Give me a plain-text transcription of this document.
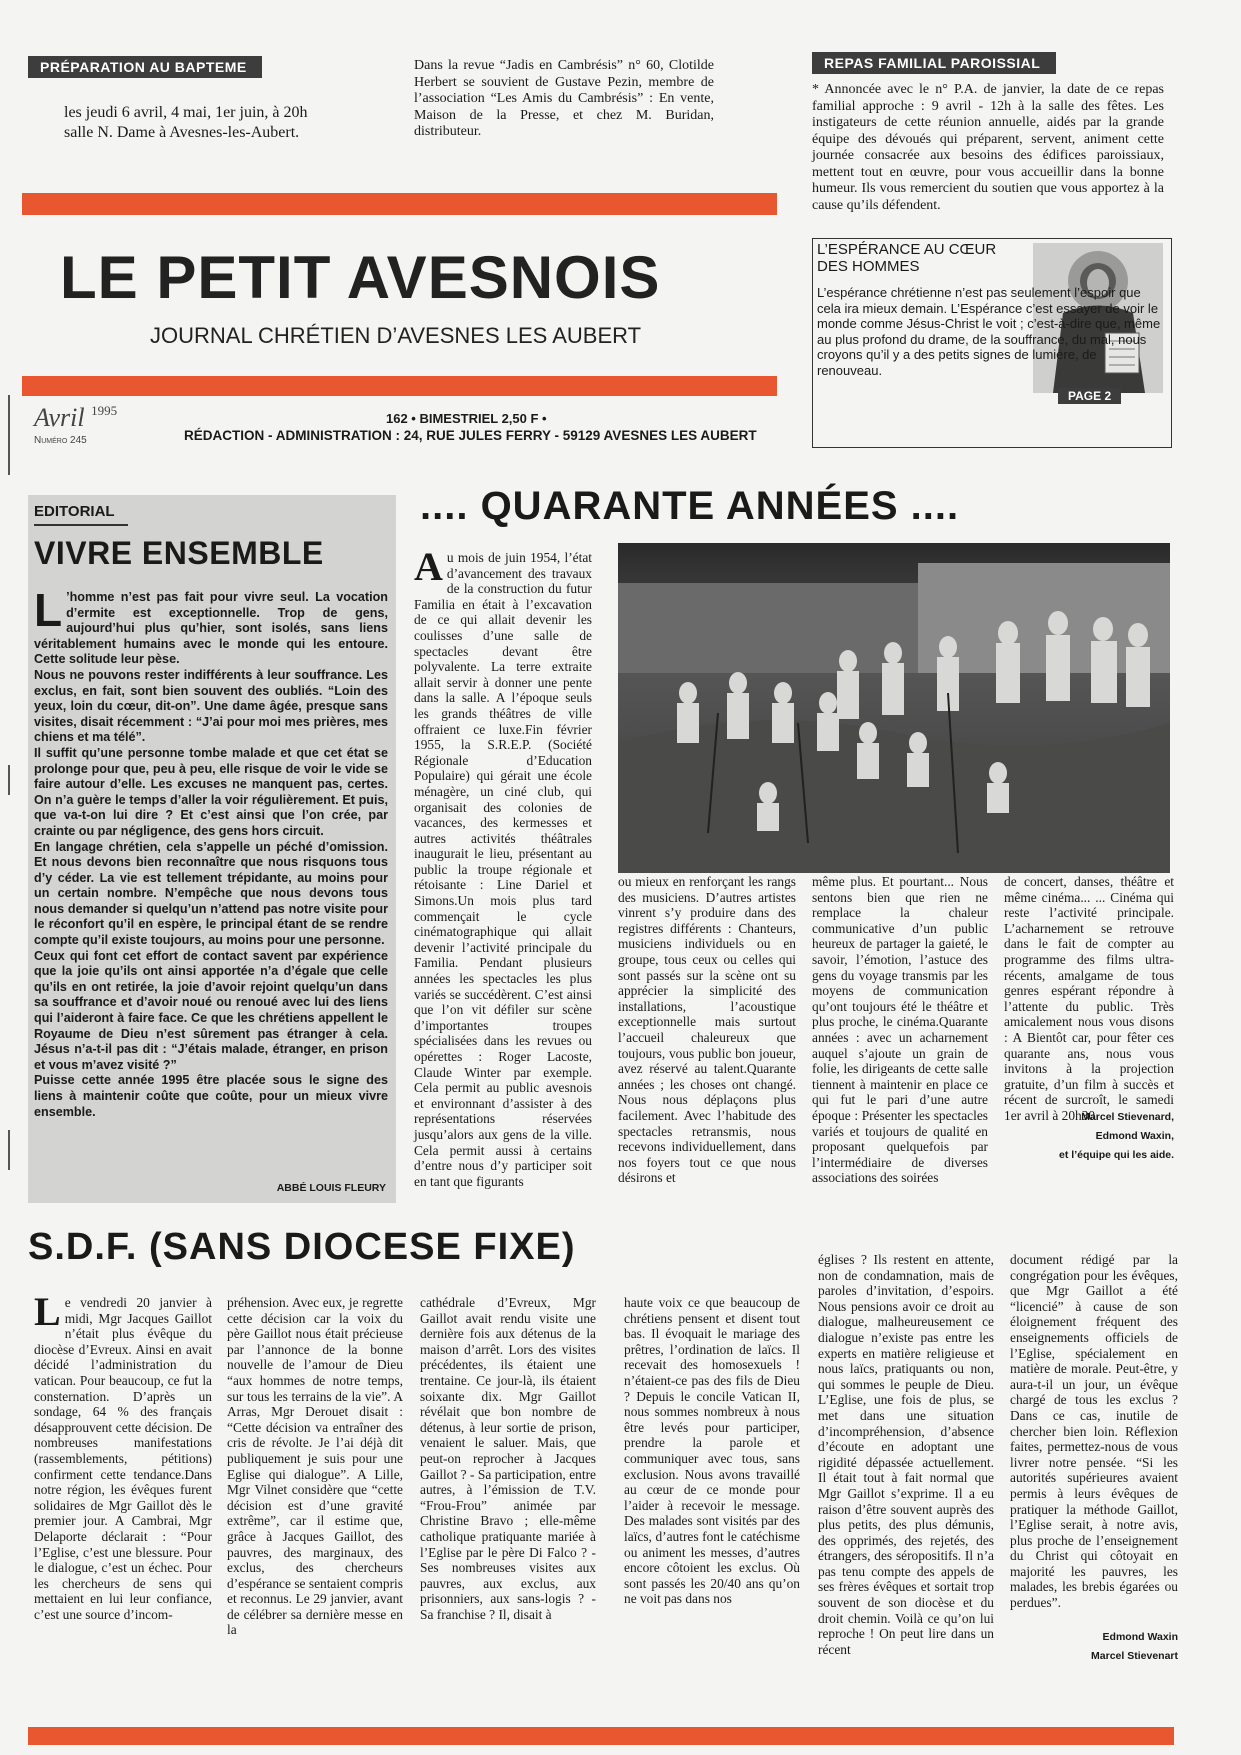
PRÉPARATION AU BAPTEME
les jeudi 6 avril, 4 mai, 1er juin, à 20h
salle N. Dame à Avesnes-les-Aubert.
Dans la revue “Jadis en Cambrésis” n° 60, Clotilde Herbert se souvient de Gustave Pezin, membre de l’association “Les Amis du Cambrésis” : En vente, Maison de la Presse, et chez M. Buridan, distributeur.
REPAS FAMILIAL PAROISSIAL
* Annoncée avec le n° P.A. de janvier, la date de ce repas familial approche : 9 avril - 12h à la salle des fêtes. Les instigateurs de cette réunion annuelle, aidés par la grande équipe des dévoués qui préparent, servent, animent cette journée consacrée aux besoins des édifices paroissiaux, mettent tout en œuvre, pour vous accueillir dans la bonne humeur. Ils vous remercient du soutien que vous apportez à la cause qu’ils défendent.
LE PETIT AVESNOIS
JOURNAL CHRÉTIEN D’AVESNES LES AUBERT
Avril $^{1995}$
Numéro 245
162 • BIMESTRIEL 2,50 F •
RÉDACTION - ADMINISTRATION : 24, RUE JULES FERRY - 59129 AVESNES LES AUBERT
L’ESPÉRANCE AU CŒUR
DES HOMMES
PAGE 2
L’espérance chrétienne n’est pas seulement l’espoir que cela ira mieux demain. L’Espérance c’est essayer de voir le monde comme Jésus-Christ le voit ; c’est-à-dire que, même au plus profond du drame, de la souffrance, du mal, nous croyons qu’il y a des petits signes de lumière, de renouveau.
EDITORIAL
VIVRE ENSEMBLE
L ’homme n’est pas fait pour vivre seul. La vocation d’ermite est exceptionnelle. Trop de gens, aujourd’hui plus qu’hier, sont isolés, sans liens véritablement humains avec le monde qui les entoure. Cette solitude leur pèse.

Nous ne pouvons rester indifférents à leur souffrance. Les exclus, en fait, sont bien souvent des oubliés. “Loin des yeux, loin du cœur, dit-on”. Une dame âgée, presque sans visites, disait récemment : “J’ai pour moi mes prières, mes chiens et ma télé”.

Il suffit qu’une personne tombe malade et que cet état se prolonge pour que, peu à peu, elle risque de voir le vide se faire autour d’elle. Les excuses ne manquent pas, certes. On n’a guère le temps d’aller la voir régulièrement. Et puis, que va-t-on lui dire ? Et c’est ainsi que l’on crée, par crainte ou par négligence, des gens hors circuit.

En langage chrétien, cela s’appelle un péché d’omission. Et nous devons bien reconnaître que nous risquons tous d’y céder. La vie est tellement trépidante, au moins pour un certain nombre. N’empêche que nous devons tous nous demander si quelqu’un n’attend pas notre visite pour le réconfort qu’il en espère, le principal étant de se rendre compte qu’il existe toujours, au moins pour une personne.

Ceux qui font cet effort de contact savent par expérience que la joie qu’ils ont ainsi apportée n’a d’égale que celle qu’ils en ont retirée, la joie d’avoir rejoint quelqu’un dans sa souffrance et d’avoir noué ou renoué avec lui des liens qui l’aideront à faire face. Ce que les chrétiens appellent le Royaume de Dieu n’est sûrement pas étranger à cela. Jésus n’a-t-il pas dit : “J’étais malade, étranger, en prison et vous m’avez visité ?”

Puisse cette année 1995 être placée sous le signe des liens à maintenir coûte que coûte, pour un mieux vivre ensemble.

ABBÉ LOUIS FLEURY
.... QUARANTE ANNÉES ....
A u mois de juin 1954, l’état d’avancement des travaux de la construction du futur Familia en était à l’excavation de ce qui allait devenir les coulisses d’une salle de spectacles devant être polyvalente. La terre extraite allait servir à donner une pente dans la salle. A l’époque seuls les grands théâtres de ville offraient ce luxe.Fin février 1955, la S.R.E.P. (Société Régionale d’Education Populaire) qui gérait une école ménagère, un ciné club, qui organisait des colonies de vacances, des kermesses et autres activités théâtrales inaugurait le lieu, présentant au public la troupe régionale et rétoisante : Line Dariel et Simons.Un mois plus tard commençait le cycle cinématographique qui allait devenir l’activité principale du Familia. Pendant plusieurs années les spectacles les plus variés se succédèrent. C’est ainsi que l’on vit défiler sur scène d’importantes troupes spécialisées dans les revues ou opérettes : Roger Lacoste, Claude Winter par exemple. Cela permit au public avesnois et environnant d’assister à des représentations réservées jusqu’alors aux gens de la ville. Cela permit aussi à certains d’entre nous d’y participer soit en tant que figurants
ou mieux en renforçant les rangs des musiciens. D’autres artistes vinrent s’y produire dans des registres différents : Chanteurs, musiciens individuels ou en groupe, tous ceux ou celles qui sont passés sur la scène ont su apprécier la simplicité des installations, l’acoustique exceptionnelle mais surtout l’accueil chaleureux que toujours, vous public bon joueur, avez réservé au talent.Quarante années ; les choses ont changé. Nous nous déplaçons plus facilement. Avec l’habitude des spectacles retransmis, nous recevons individuellement, dans nos foyers tout ce que nous désirons et
même plus. Et pourtant... Nous sentons bien que rien ne remplace la chaleur communicative d’un public heureux de partager la gaieté, le savoir, l’émotion, l’astuce des gens du voyage transmis par les moyens de communication qu’ont toujours été le théâtre et plus proche, le cinéma.Quarante années : avec un acharnement auquel s’ajoute un grain de folie, les dirigeants de cette salle tiennent à maintenir en place ce qui fut le pari d’une autre époque : Présenter les spectacles variés et toujours de qualité en proposant quelquefois par l’intermédiaire de diverses associations des soirées
de concert, danses, théâtre et même cinéma... ... Cinéma qui reste l’activité principale. L’acharnement se retrouve dans le fait de compter au programme des films ultra-récents, amalgame de tous genres espérant répondre à l’attente du public. Très amicalement nous vous disons : A Bientôt car, pour fêter ces quarante ans, nous vous invitons à la projection gratuite, d’un film à succès et récent de surcroît, le samedi 1er avril à 20h30
Marcel Stievenard,
Edmond Waxin,
et l’équipe qui les aide.
S.D.F. (SANS DIOCESE FIXE)
L e vendredi 20 janvier à midi, Mgr Jacques Gaillot n’était plus évêque du diocèse d’Evreux. Ainsi en avait décidé l’administration du vatican. Pour beaucoup, ce fut la consternation. D’après un sondage, 64 % des français désapprouvent cette décision. De nombreuses manifestations (rassemblements, pétitions) confirment cette tendance.Dans notre région, les évêques furent solidaires de Mgr Gaillot dès le premier jour. A Cambrai, Mgr Delaporte déclarait : “Pour l’Eglise, c’est une blessure. Pour le dialogue, c’est un échec. Pour les chercheurs de sens qui mettaient en lui leur confiance, c’est une source d’incom-
préhension. Avec eux, je regrette cette décision car la voix du père Gaillot nous était précieuse par l’annonce de la bonne nouvelle de l’amour de Dieu “aux hommes de notre temps, sur tous les terrains de la vie”. A Arras, Mgr Derouet disait : “Cette décision va entraîner des cris de révolte. Je l’ai déjà dit publiquement je suis pour une Eglise qui dialogue”. A Lille, Mgr Vilnet considère que “cette décision est d’une gravité extrême”, car il estime que, grâce à Jacques Gaillot, des pauvres, des marginaux, des exclus, des chercheurs d’espérance se sentaient compris et reconnus. Le 29 janvier, avant de célébrer sa dernière messe en la
cathédrale d’Evreux, Mgr Gaillot avait rendu visite une dernière fois aux détenus de la maison d’arrêt. Lors des visites précédentes, ils étaient une trentaine. Ce jour-là, ils étaient soixante dix. Mgr Gaillot révélait que bon nombre de détenus, à leur sortie de prison, venaient le saluer. Mais, que peut-on reprocher à Jacques Gaillot ? - Sa participation, entre autres, à l’émission de T.V. “Frou-Frou” animée par Christine Bravo ; elle-même catholique pratiquante mariée à l’Eglise par le père Di Falco ? - Ses nombreuses visites aux pauvres, aux exclus, aux prisonniers, aux sans-logis ? - Sa franchise ? Il, disait à
haute voix ce que beaucoup de chrétiens pensent et disent tout bas. Il évoquait le mariage des prêtres, l’ordination de laïcs. Il recevait des homosexuels ! n’étaient-ce pas des fils de Dieu ? Depuis le concile Vatican II, nous sommes nombreux à nous être levés pour participer, prendre la parole et communiquer avec tous, sans exclusion. Nous avons travaillé au cœur de ce monde pour l’aider à recevoir le message. Des malades sont visités par des laïcs, d’autres font le catéchisme ou animent les messes, d’autres encore côtoient les exclus. Où sont passés les 20/40 ans qu’on ne voit pas dans nos
églises ? Ils restent en attente, non de condamnation, mais de paroles d’invitation, d’espoirs. Nous pensions avoir ce droit au dialogue, malheureusement ce dialogue n’existe pas entre les experts en matière religieuse et nous laïcs, pratiquants ou non, qui sommes le peuple de Dieu. L’Eglise, une fois de plus, se met dans une situation d’incompréhension, d’absence d’écoute en adoptant une rigidité dépassée actuellement. Il était tout à fait normal que Mgr Gaillot s’exprime. Il a eu raison d’être souvent auprès des plus petits, des plus démunis, des opprimés, des rejetés, des étrangers, des séropositifs. Il n’a pas tenu compte des appels de ses frères évêques et sortait trop souvent de son diocèse et du droit chemin. Voilà ce qu’on lui reproche ! On peut lire dans un récent
document rédigé par la congrégation pour les évêques, que Mgr Gaillot a été “licencié” à cause de son éloignement fréquent des enseignements officiels de l’Eglise, spécialement en matière de morale. Peut-être, y aura-t-il un jour, un évêque chargé de tous les exclus ? Dans ce cas, inutile de chercher bien loin. Réflexion faites, permettez-nous de vous livrer notre pensée. “Si les autorités supérieures avaient permis à leurs évêques de pratiquer la méthode Gaillot, l’Eglise serait, à notre avis, plus proche de l’enseignement du Christ qui côtoyait en majorité les pauvres, les malades, les brebis égarées ou perdues”.
Edmond Waxin
Marcel Stievenart
